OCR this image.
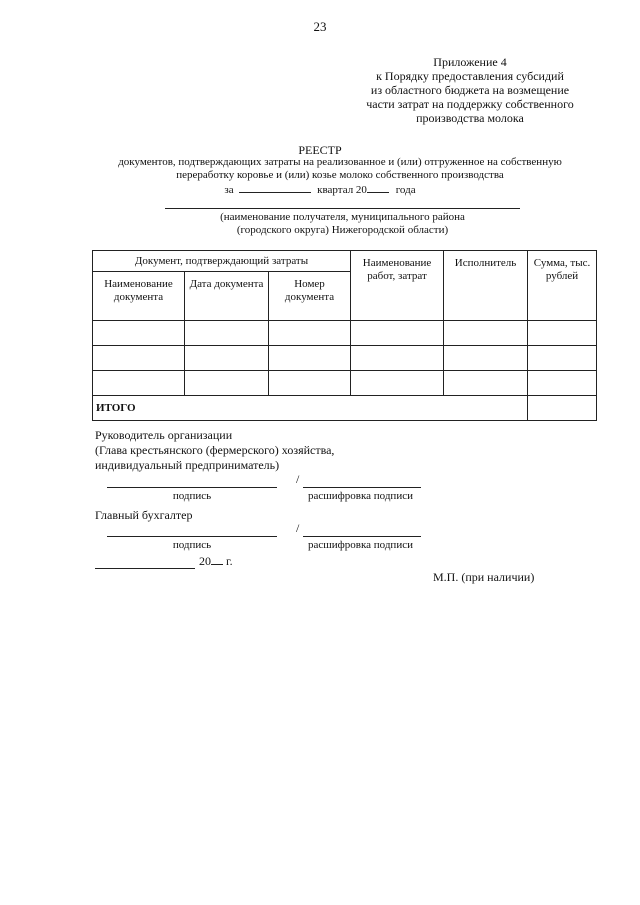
23
Приложение 4
к Порядку предоставления субсидий
из областного бюджета на возмещение
части затрат на поддержку собственного
производства молока
РЕЕСТР
документов, подтверждающих затраты на реализованное и (или) отгруженное на собственную
переработку коровье и (или) козье молоко собственного производства
за	квартал 20	года
(наименование получателя, муниципального района
(городского округа) Нижегородской области)
Документ, подтверждающий затраты			Наименование работ, затрат	Исполнитель	Сумма, тыс. рублей
Наименование документа	Дата документа	Номер документа			

ИТОГО					
Руководитель организации
(Глава крестьянского (фермерского) хозяйства,
индивидуальный предприниматель)
/
подпись	расшифровка подписи
Главный бухгалтер
/
подпись	расшифровка подписи
20 г.
М.П. (при наличии)
